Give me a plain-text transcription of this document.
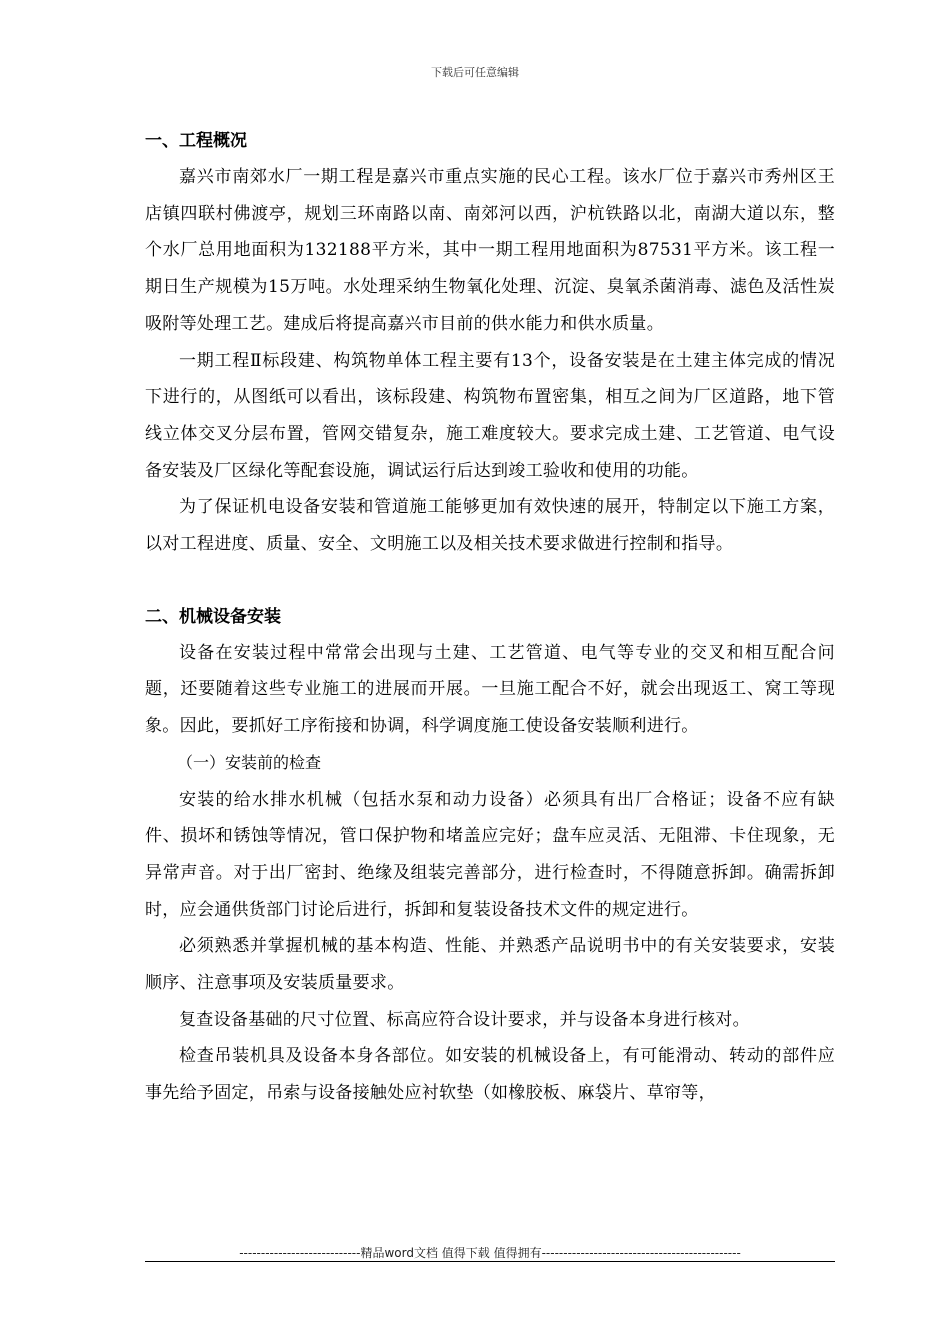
下载后可任意编辑
一、工程概况

嘉兴市南郊水厂一期工程是嘉兴市重点实施的民心工程。该水厂位于嘉兴市秀州区王店镇四联村佛渡亭，规划三环南路以南、南郊河以西，沪杭铁路以北，南湖大道以东，整个水厂总用地面积为132188平方米，其中一期工程用地面积为87531平方米。该工程一期日生产规模为15万吨。水处理采纳生物氧化处理、沉淀、臭氧杀菌消毒、滤色及活性炭吸附等处理工艺。建成后将提高嘉兴市目前的供水能力和供水质量。

一期工程Ⅱ标段建、构筑物单体工程主要有13个，设备安装是在土建主体完成的情况下进行的，从图纸可以看出，该标段建、构筑物布置密集，相互之间为厂区道路，地下管线立体交叉分层布置，管网交错复杂，施工难度较大。要求完成土建、工艺管道、电气设备安装及厂区绿化等配套设施，调试运行后达到竣工验收和使用的功能。

为了保证机电设备安装和管道施工能够更加有效快速的展开，特制定以下施工方案，以对工程进度、质量、安全、文明施工以及相关技术要求做进行控制和指导。

二、机械设备安装

设备在安装过程中常常会出现与土建、工艺管道、电气等专业的交叉和相互配合问题，还要随着这些专业施工的进展而开展。一旦施工配合不好，就会出现返工、窝工等现象。因此，要抓好工序衔接和协调，科学调度施工使设备安装顺利进行。

（一）安装前的检查

安装的给水排水机械（包括水泵和动力设备）必须具有出厂合格证；设备不应有缺件、损坏和锈蚀等情况，管口保护物和堵盖应完好；盘车应灵活、无阻滞、卡住现象，无异常声音。对于出厂密封、绝缘及组装完善部分，进行检查时，不得随意拆卸。确需拆卸时，应会通供货部门讨论后进行，拆卸和复装设备技术文件的规定进行。

必须熟悉并掌握机械的基本构造、性能、并熟悉产品说明书中的有关安装要求，安装顺序、注意事项及安装质量要求。

复查设备基础的尺寸位置、标高应符合设计要求，并与设备本身进行核对。

检查吊装机具及设备本身各部位。如安装的机械设备上，有可能滑动、转动的部件应事先给予固定，吊索与设备接触处应衬软垫（如橡胶板、麻袋片、草帘等，

----------------------------精品word文档 值得下载 值得拥有----------------------------------------------
